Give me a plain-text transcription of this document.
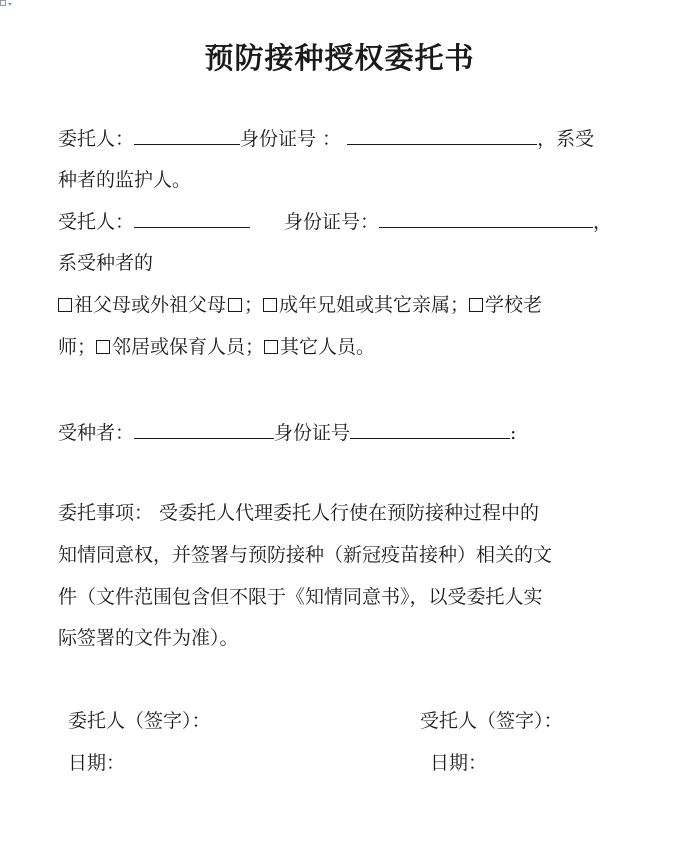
预防接种授权委托书
委托人：	身份证号 ：	，系受
种者的监护人。
受托人：	身份证号：	，
系受种者的
祖父母或外祖父母 ； 成年兄姐或其它亲属； 学校老
师； 邻居或保育人员； 其它人员。
受种者：	身份证号	:
委托事项： 受委托人代理委托人行使在预防接种过程中的
知情同意权，并签署与预防接种（新冠疫苗接种）相关的文
件（文件范围包含但不限于《知情同意书》，以受委托人实
际签署的文件为准）。
委托人（签字）：
日期：
受托人（签字）：
日期：
